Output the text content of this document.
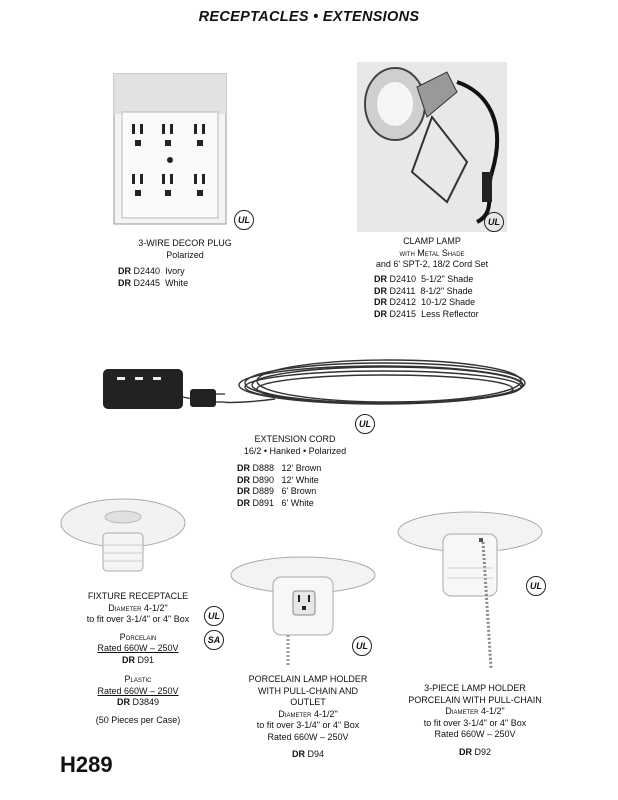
RECEPTACLES • EXTENSIONS
UL
3-WIRE DECOR PLUG
Polarized
DR D2440 Ivory
DR D2445 White
UL
CLAMP LAMP
with Metal Shade
and 6' SPT-2, 18/2 Cord Set
DR D2410 5-1/2" Shade
DR D2411 8-1/2" Shade
DR D2412 10-1/2 Shade
DR D2415 Less Reflector
UL
EXTENSION CORD
16/2 • Hanked • Polarized
DR D888 12' Brown
DR D890 12' White
DR D889 6' Brown
DR D891 6' White
FIXTURE RECEPTACLE
Diameter 4-1/2"
to fit over 3-1/4" or 4" Box
Porcelain
Rated 660W – 250V
DR D91
Plastic
Rated 660W – 250V
DR D3849
(50 Pieces per Case)
UL
SA
UL
PORCELAIN LAMP HOLDER
WITH PULL-CHAIN AND
OUTLET
Diameter 4-1/2"
to fit over 3-1/4" or 4" Box
Rated 660W – 250V
DR D94
UL
3-PIECE LAMP HOLDER
PORCELAIN WITH PULL-CHAIN
Diameter 4-1/2"
to fit over 3-1/4" or 4" Box
Rated 660W – 250V
DR D92
H289
